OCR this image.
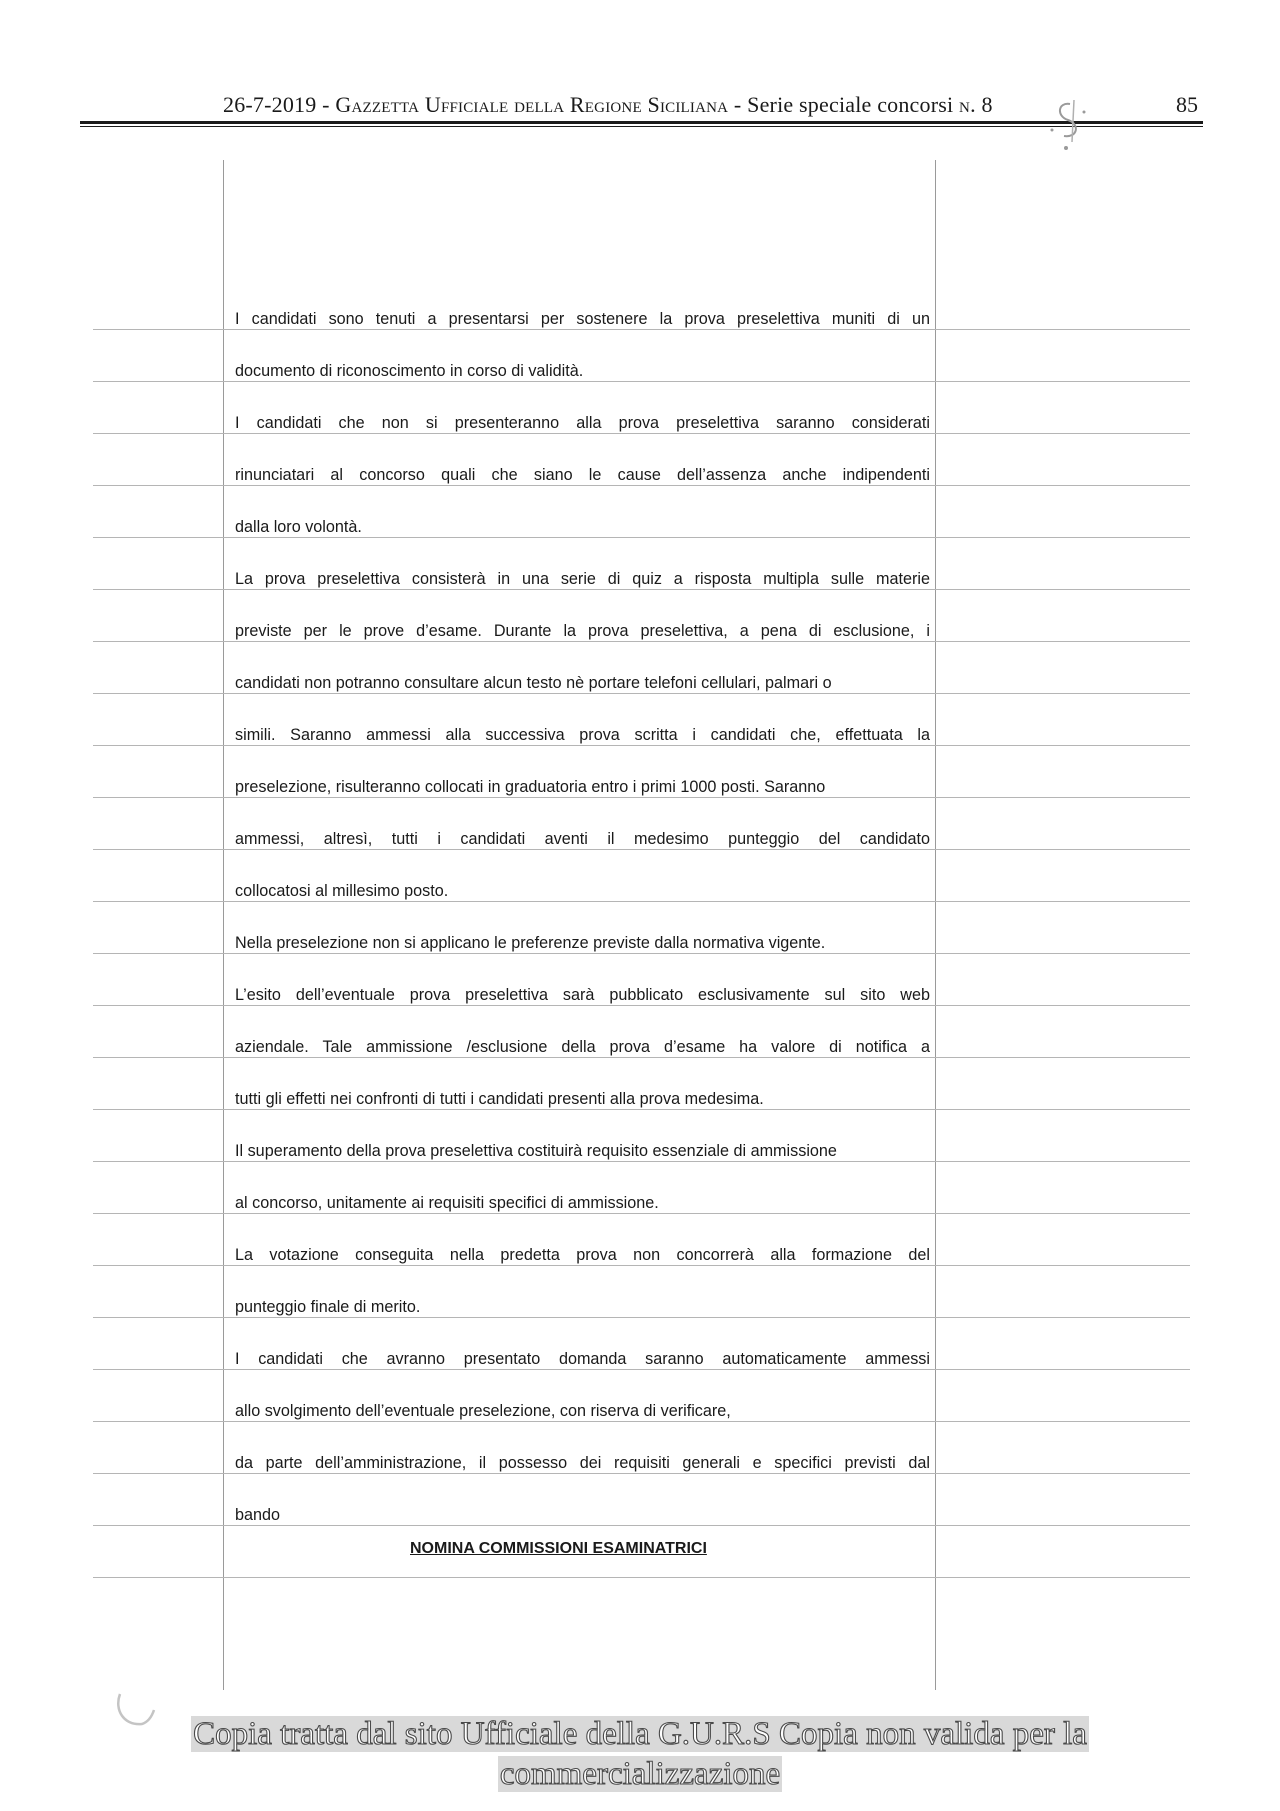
26-7-2019 - Gazzetta Ufficiale della Regione Siciliana - Serie speciale concorsi n. 8	85
I candidati sono tenuti a presentarsi per sostenere la prova preselettiva muniti di un
documento di riconoscimento in corso di validità.
I candidati che non si presenteranno alla prova preselettiva saranno considerati
rinunciatari al concorso quali che siano le cause dell’assenza anche indipendenti
dalla loro volontà.
La prova preselettiva consisterà in una serie di quiz a risposta multipla sulle materie
previste per le prove d’esame. Durante la prova preselettiva, a pena di esclusione, i
candidati non potranno consultare alcun testo nè portare telefoni cellulari, palmari o
simili. Saranno ammessi alla successiva prova scritta i candidati che, effettuata la
preselezione, risulteranno collocati in graduatoria entro i primi 1000 posti. Saranno
ammessi, altresì, tutti i candidati aventi il medesimo punteggio del candidato
collocatosi al millesimo posto.
Nella preselezione non si applicano le preferenze previste dalla normativa vigente.
L’esito dell’eventuale prova preselettiva sarà pubblicato esclusivamente sul sito web
aziendale. Tale ammissione /esclusione della prova d’esame ha valore di notifica a
tutti gli effetti nei confronti di tutti i candidati presenti alla prova medesima.
Il superamento della prova preselettiva costituirà requisito essenziale di ammissione
al concorso, unitamente ai requisiti specifici di ammissione.
La votazione conseguita nella predetta prova non concorrerà alla formazione del
punteggio finale di merito.
I candidati che avranno presentato domanda saranno automaticamente ammessi
allo svolgimento dell’eventuale preselezione, con riserva di verificare,
da parte dell’amministrazione, il possesso dei requisiti generali e specifici previsti dal
bando
NOMINA COMMISSIONI ESAMINATRICI
Copia tratta dal sito Ufficiale della G.U.R.S Copia non valida per la
commercializzazione
